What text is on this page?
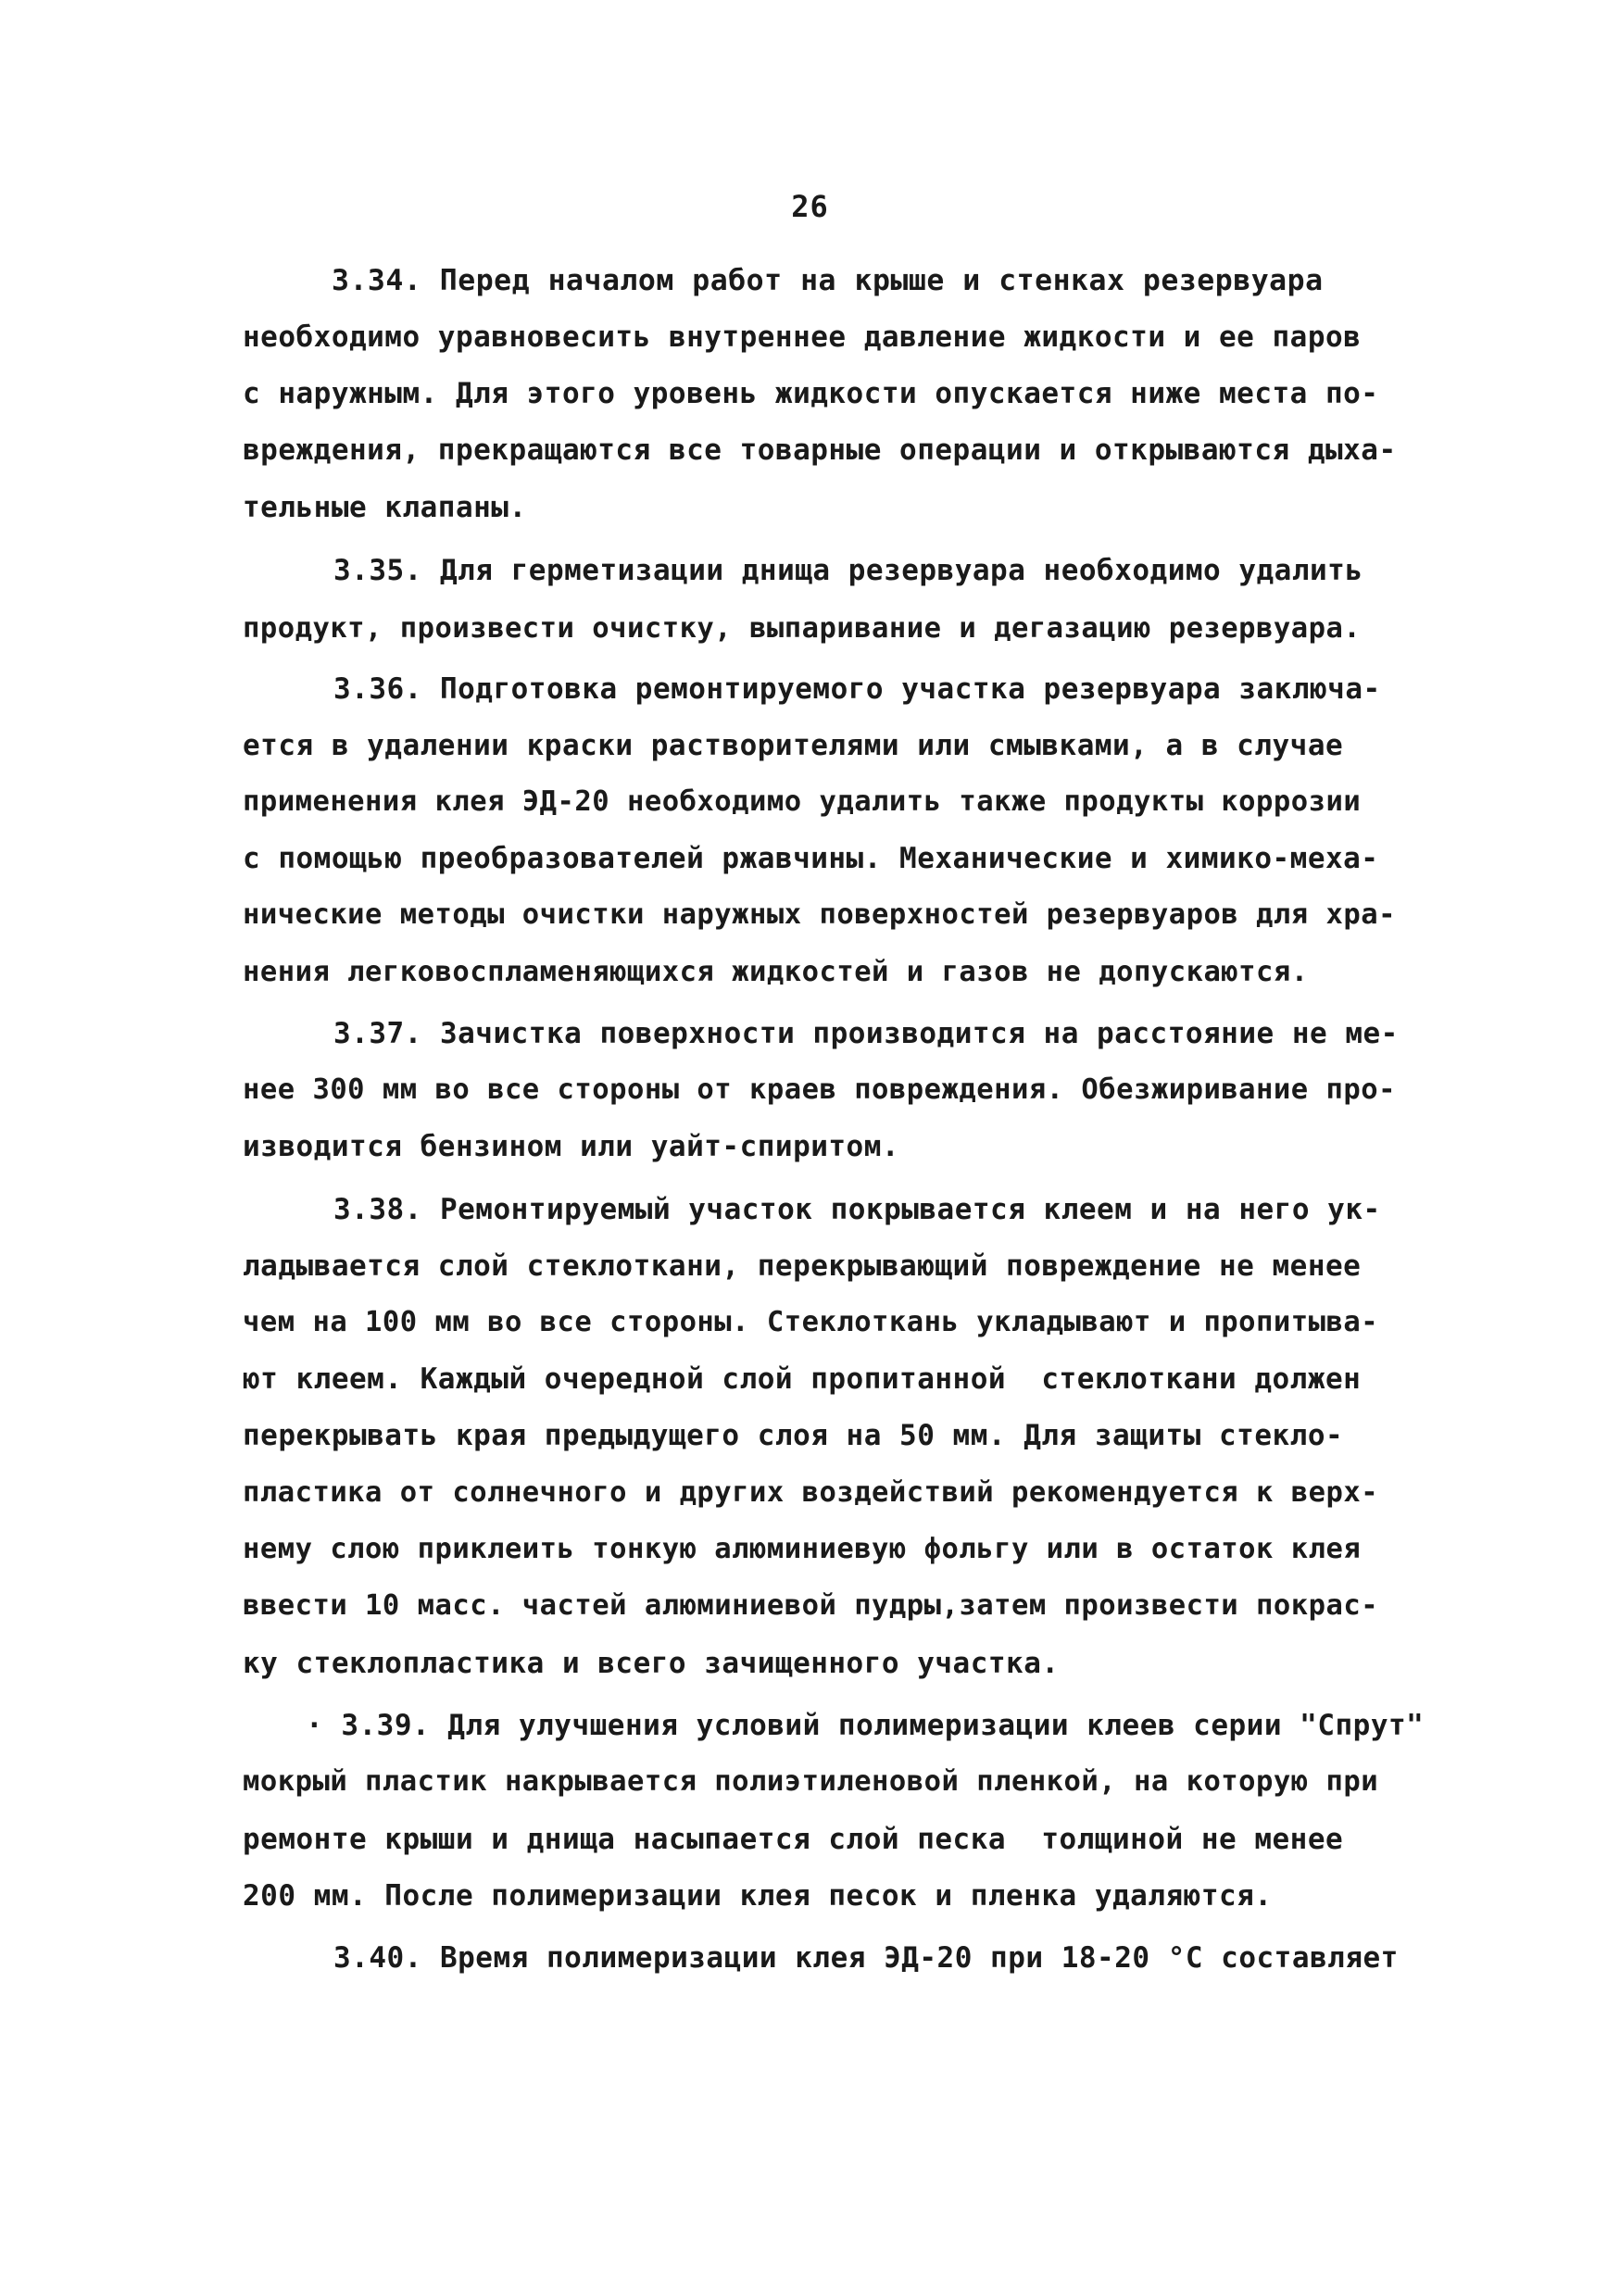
26
3.34. Перед началом работ на крыше и стенках резервуара
необходимо уравновесить внутреннее давление жидкости и ее паров
с наружным. Для этого уровень жидкости опускается ниже места по-
вреждения, прекращаются все товарные операции и открываются дыха-
тельные клапаны.
3.35. Для герметизации днища резервуара необходимо удалить
продукт, произвести очистку, выпаривание и дегазацию резервуара.
3.36. Подготовка ремонтируемого участка резервуара заключа-
ется в удалении краски растворителями или смывками, а в случае
применения клея ЭД-20 необходимо удалить также продукты коррозии
с помощью преобразователей ржавчины. Механические и химико-меха-
нические методы очистки наружных поверхностей резервуаров для хра-
нения легковоспламеняющихся жидкостей и газов не допускаются.
3.37. Зачистка поверхности производится на расстояние не ме-
нее 300 мм во все стороны от краев повреждения. Обезжиривание про-
изводится бензином или уайт-спиритом.
3.38. Ремонтируемый участок покрывается клеем и на него ук-
ладывается слой стеклоткани, перекрывающий повреждение не менее
чем на 100 мм во все стороны. Стеклоткань укладывают и пропитыва-
ют клеем. Каждый очередной слой пропитанной  стеклоткани должен
перекрывать края предыдущего слоя на 50 мм. Для защиты стекло-
пластика от солнечного и других воздействий рекомендуется к верх-
нему слою приклеить тонкую алюминиевую фольгу или в остаток клея
ввести 10 масс. частей алюминиевой пудры,затем произвести покрас-
ку стеклопластика и всего зачищенного участка.
· 3.39. Для улучшения условий полимеризации клеев серии "Спрут"
мокрый пластик накрывается полиэтиленовой пленкой, на которую при
ремонте крыши и днища насыпается слой песка  толщиной не менее
200 мм. После полимеризации клея песок и пленка удаляются.
3.40. Время полимеризации клея ЭД-20 при 18-20 °С составляет
